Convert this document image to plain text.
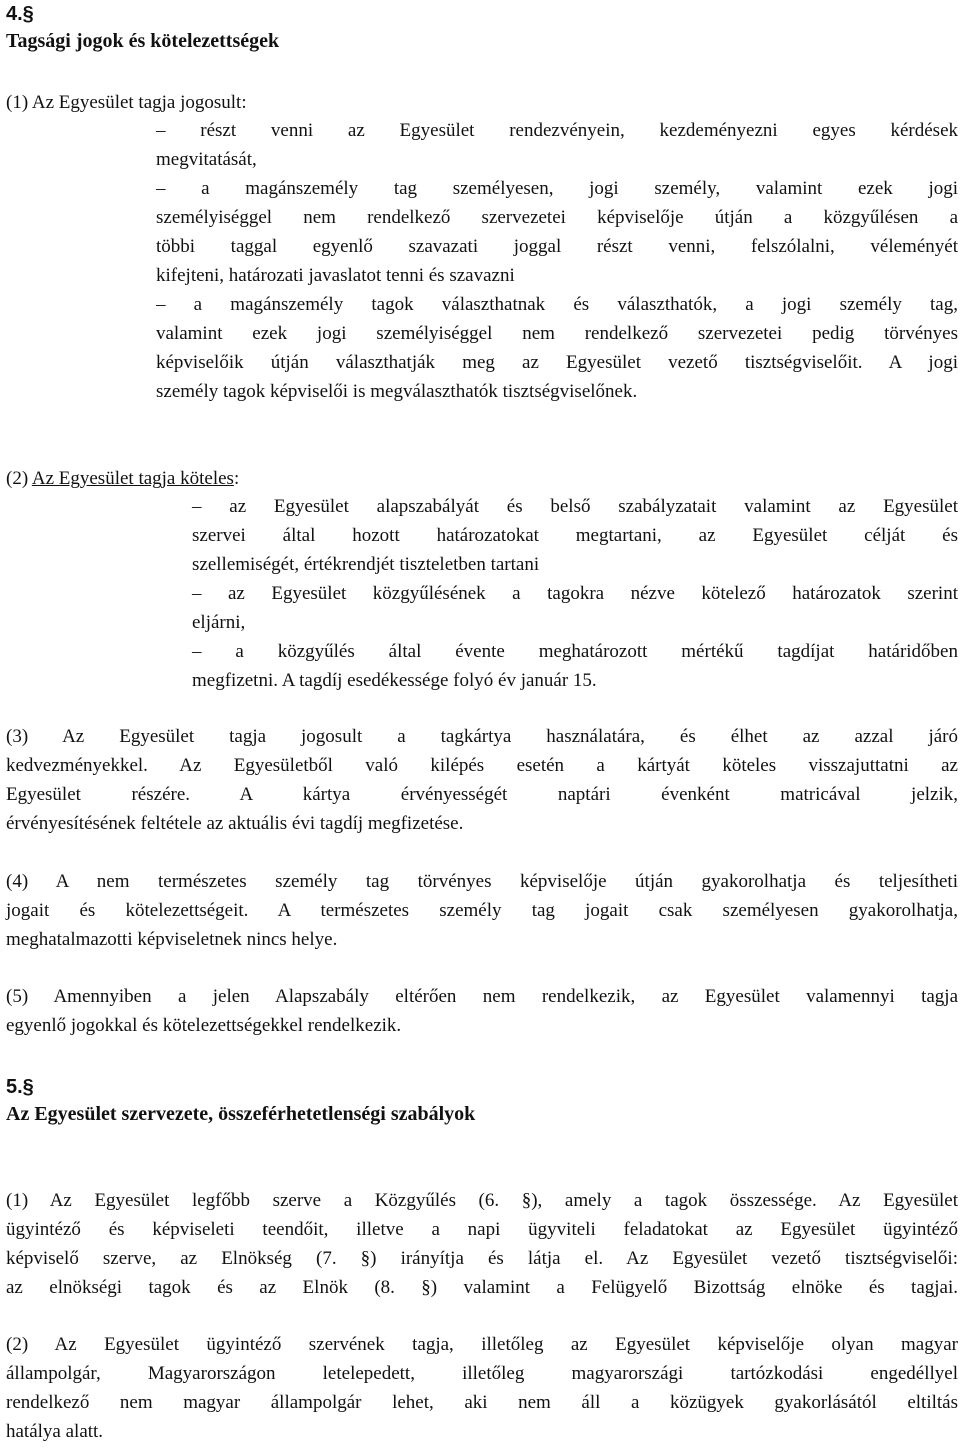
4.§
Tagsági jogok és kötelezettségek
(1) Az Egyesület tagja jogosult:
– részt venni az Egyesület rendezvényein, kezdeményezni egyes kérdések
megvitatását,
– a magánszemély tag személyesen, jogi személy, valamint ezek jogi
személyiséggel nem rendelkező szervezetei képviselője útján a közgyűlésen a
többi taggal egyenlő szavazati joggal részt venni, felszólalni, véleményét
kifejteni, határozati javaslatot tenni és szavazni
– a magánszemély tagok választhatnak és választhatók, a jogi személy tag,
valamint ezek jogi személyiséggel nem rendelkező szervezetei pedig törvényes
képviselőik útján választhatják meg az Egyesület vezető tisztségviselőit. A jogi
személy tagok képviselői is megválaszthatók tisztségviselőnek.
(2) Az Egyesület tagja köteles:
– az Egyesület alapszabályát és belső szabályzatait valamint az Egyesület
szervei által hozott határozatokat megtartani, az Egyesület célját és
szellemiségét, értékrendjét tiszteletben tartani
– az Egyesület közgyűlésének a tagokra nézve kötelező határozatok szerint
eljárni,
– a közgyűlés által évente meghatározott mértékű tagdíjat határidőben
megfizetni. A tagdíj esedékessége folyó év január 15.
(3) Az Egyesület tagja jogosult a tagkártya használatára, és élhet az azzal járó
kedvezményekkel. Az Egyesületből való kilépés esetén a kártyát köteles visszajuttatni az
Egyesület részére. A kártya érvényességét naptári évenként matricával jelzik,
érvényesítésének feltétele az aktuális évi tagdíj megfizetése.
(4) A nem természetes személy tag törvényes képviselője útján gyakorolhatja és teljesítheti
jogait és kötelezettségeit. A természetes személy tag jogait csak személyesen gyakorolhatja,
meghatalmazotti képviseletnek nincs helye.
(5) Amennyiben a jelen Alapszabály eltérően nem rendelkezik, az Egyesület valamennyi tagja
egyenlő jogokkal és kötelezettségekkel rendelkezik.
5.§
Az Egyesület szervezete, összeférhetetlenségi szabályok
(1) Az Egyesület legfőbb szerve a Közgyűlés (6. §), amely a tagok összessége. Az Egyesület
ügyintéző és képviseleti teendőit, illetve a napi ügyviteli feladatokat az Egyesület ügyintéző
képviselő szerve, az Elnökség (7. §) irányítja és látja el. Az Egyesület vezető tisztségviselői:
az elnökségi tagok és az Elnök (8. §) valamint a Felügyelő Bizottság elnöke és tagjai.
(2) Az Egyesület ügyintéző szervének tagja, illetőleg az Egyesület képviselője olyan magyar
állampolgár, Magyarországon letelepedett, illetőleg magyarországi tartózkodási engedéllyel
rendelkező nem magyar állampolgár lehet, aki nem áll a közügyek gyakorlásától eltiltás
hatálya alatt.
